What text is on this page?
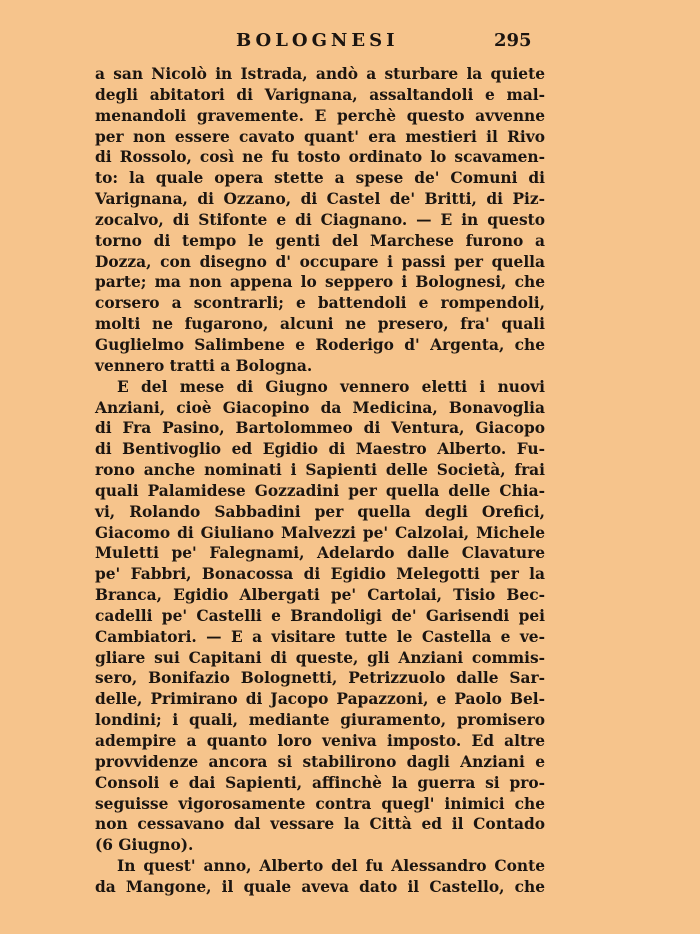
BOLOGNESI	295
a san Nicolò in Istrada, andò a sturbare la quiete
degli abitatori di Varignana, assaltandoli e mal-
menandoli gravemente. E perchè questo avvenne
per non essere cavato quant' era mestieri il Rivo
di Rossolo, così ne fu tosto ordinato lo scavamen-
to: la quale opera stette a spese de' Comuni di
Varignana, di Ozzano, di Castel de' Britti, di Piz-
zocalvo, di Stifonte e di Ciagnano. — E in questo
torno di tempo le genti del Marchese furono a
Dozza, con disegno d' occupare i passi per quella
parte; ma non appena lo seppero i Bolognesi, che
corsero a scontrarli; e battendoli e rompendoli,
molti ne fugarono, alcuni ne presero, fra' quali
Guglielmo Salimbene e Roderigo d' Argenta, che
vennero tratti a Bologna.
E del mese di Giugno vennero eletti i nuovi
Anziani, cioè Giacopino da Medicina, Bonavoglia
di Fra Pasino, Bartolommeo di Ventura, Giacopo
di Bentivoglio ed Egidio di Maestro Alberto. Fu-
rono anche nominati i Sapienti delle Società, frai
quali Palamidese Gozzadini per quella delle Chia-
vi, Rolando Sabbadini per quella degli Orefici,
Giacomo di Giuliano Malvezzi pe' Calzolai, Michele
Muletti pe' Falegnami, Adelardo dalle Clavature
pe' Fabbri, Bonacossa di Egidio Melegotti per la
Branca, Egidio Albergati pe' Cartolai, Tisio Bec-
cadelli pe' Castelli e Brandoligi de' Garisendi pei
Cambiatori. — E a visitare tutte le Castella e ve-
gliare sui Capitani di queste, gli Anziani commis-
sero, Bonifazio Bolognetti, Petrizzuolo dalle Sar-
delle, Primirano di Jacopo Papazzoni, e Paolo Bel-
londini; i quali, mediante giuramento, promisero
adempire a quanto loro veniva imposto. Ed altre
provvidenze ancora si stabilirono dagli Anziani e
Consoli e dai Sapienti, affinchè la guerra si pro-
seguisse vigorosamente contra quegl' inimici che
non cessavano dal vessare la Città ed il Contado
(6 Giugno).
In quest' anno, Alberto del fu Alessandro Conte
da Mangone, il quale aveva dato il Castello, che
